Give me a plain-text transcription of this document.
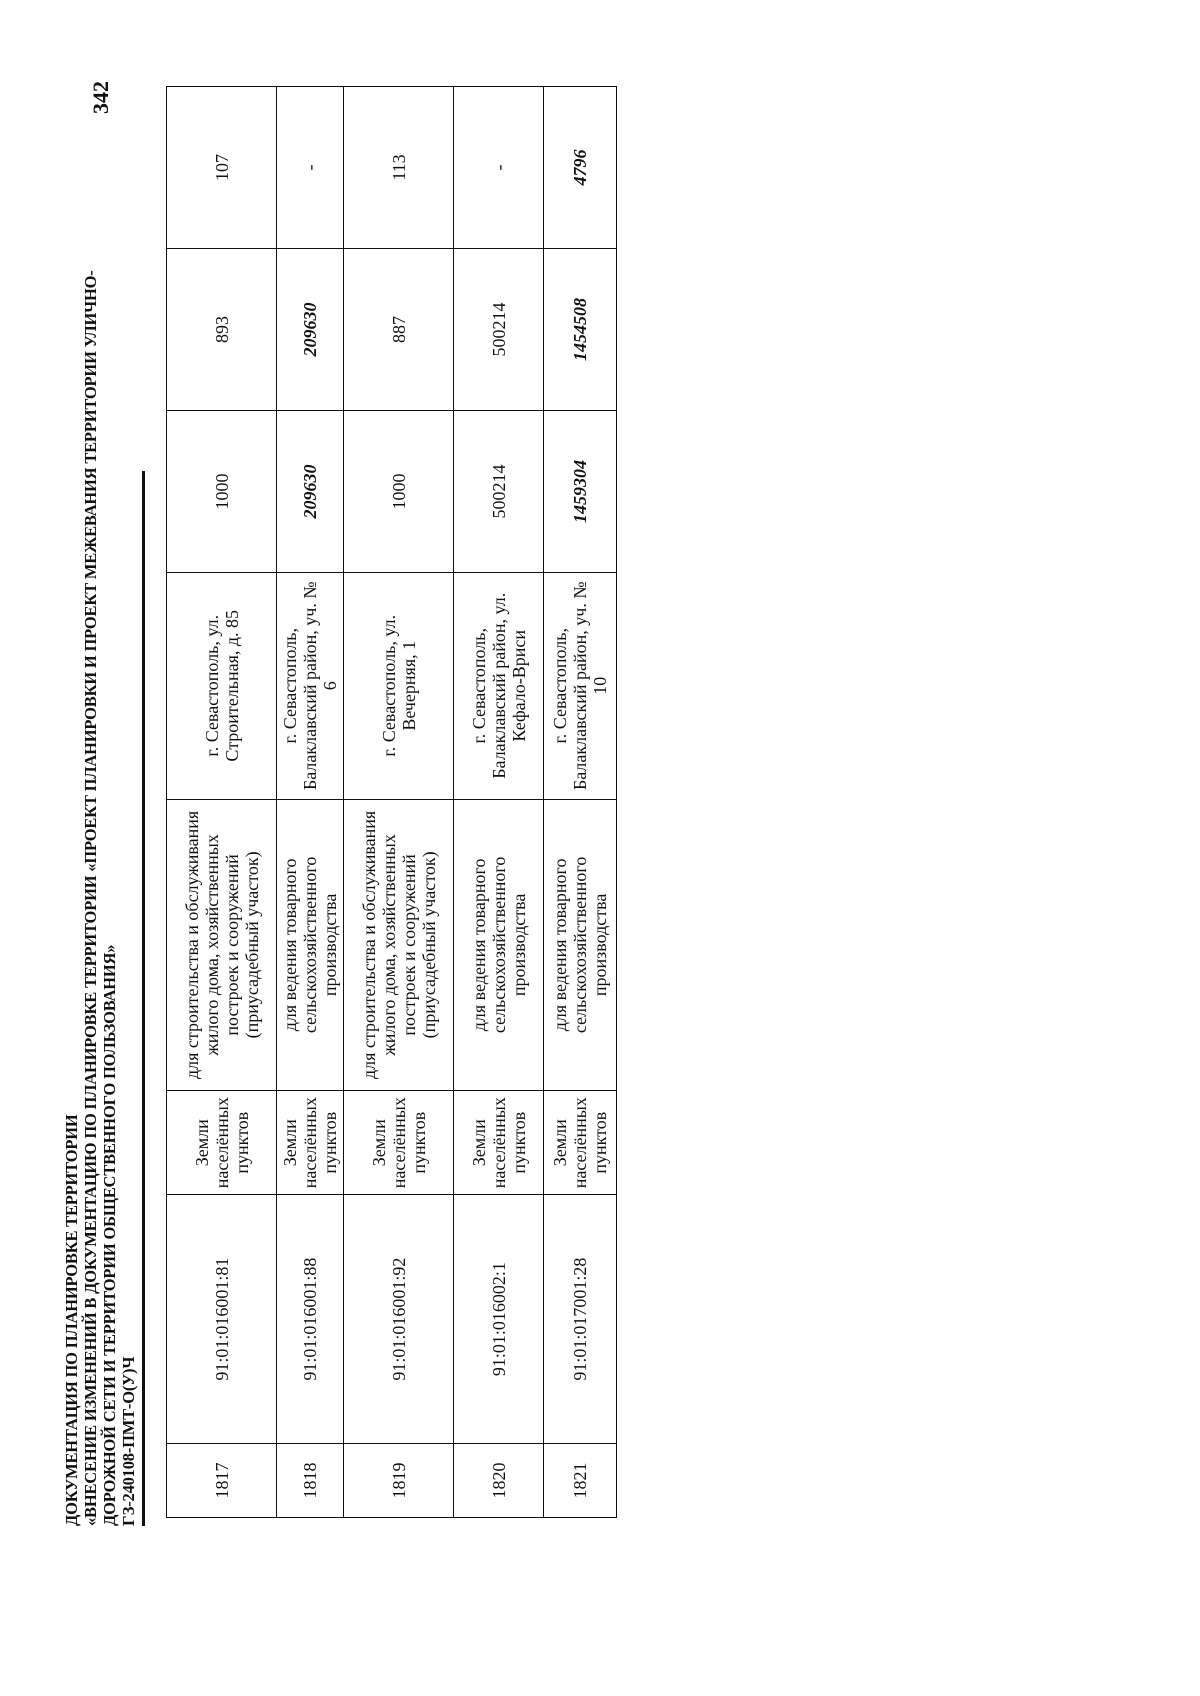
ДОКУМЕНТАЦИЯ ПО ПЛАНИРОВКЕ ТЕРРИТОРИИ «ВНЕСЕНИЕ ИЗМЕНЕНИЙ В ДОКУМЕНТАЦИЮ ПО ПЛАНИРОВКЕ ТЕРРИТОРИИ «ПРОЕКТ ПЛАНИРОВКИ И ПРОЕКТ МЕЖЕВАНИЯ ТЕРРИТОРИИ УЛИЧНО- ДОРОЖНОЙ СЕТИ И ТЕРРИТОРИИ ОБЩЕСТВЕННОГО ПОЛЬЗОВАНИЯ» ГЗ-240108-ПМТ-О(У)Ч
342
1817	91:01:016001:81	Земли населённых пунктов	для строительства и обслуживания жилого дома, хозяйственных построек и сооружений (приусадебный участок)	г. Севастополь, ул. Строительная, д. 85	1000	893	107
1818	91:01:016001:88	Земли населённых пунктов	для ведения товарного сельскохозяйственного производства	г. Севастополь, Балаклавский район, уч. № 6	209630	209630	-
1819	91:01:016001:92	Земли населённых пунктов	для строительства и обслуживания жилого дома, хозяйственных построек и сооружений (приусадебный участок)	г. Севастополь, ул. Вечерняя, 1	1000	887	113
1820	91:01:016002:1	Земли населённых пунктов	для ведения товарного сельскохозяйственного производства	г. Севастополь, Балаклавский район, ул. Кефало-Вриси	500214	500214	-
1821	91:01:017001:28	Земли населённых пунктов	для ведения товарного сельскохозяйственного производства	г. Севастополь, Балаклавский район, уч. № 10	1459304	1454508	4796
